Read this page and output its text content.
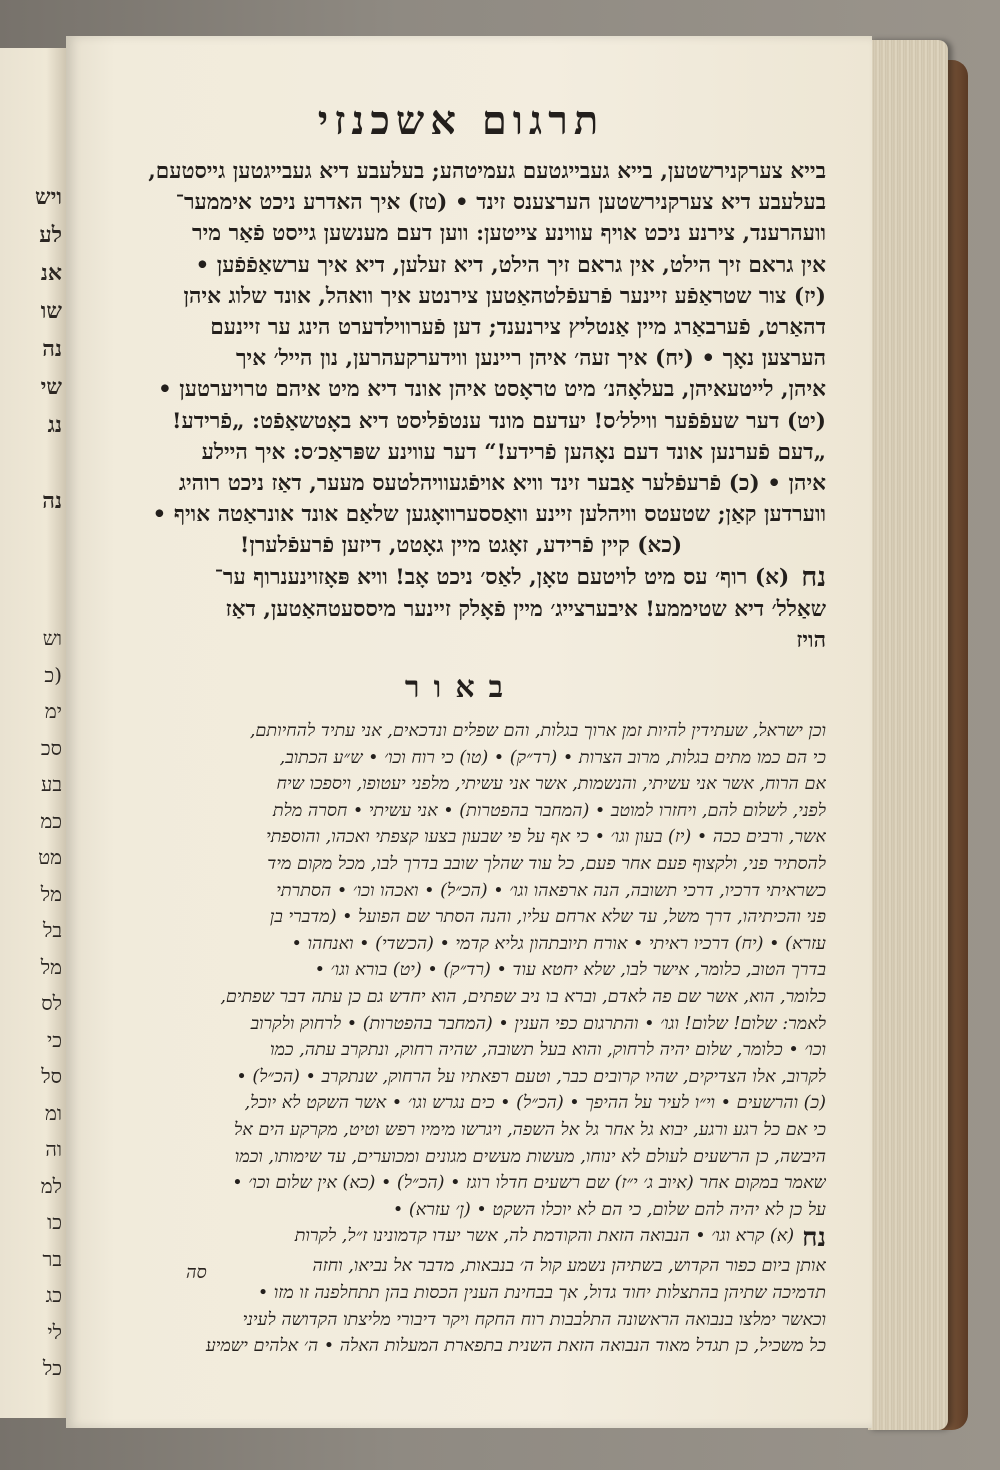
ויש
לע
אנ
שו
נה
שי
נג

נה
וש
(כ
ימ
סכ
בע
כמ
מט
מל
בל
מל
לס
כי
סל
ומ
וה
למ
כו
בר
כג
לי
כל
תרגום אשכנזי
בייא צערקנירשטען, בייא געבייגטעם געמיטהע; בעלעבע דיא געבייגטען גייסטעם,
בעלעבע דיא צערקנירשטען הערצענס זינד • (טז) איך האדרע ניכט איממער־
וועהרענד, צירנע ניכט אויף עווינע צייטען: ווען דעם מענשען גייסט פֿאַר מיר
אין גראם זיך הילט, אין גראם זיך הילט, דיא זעלען, דיא איך ערשאַפֿפֿען •
(יז) צור שטראַפֿע זיינער פֿרעפֿלטהאַטען צירנטע איך וואהל, אונד שלוג איהן
דהאַרט, פֿערבאַרג מיין אַנטליץ צירנענד; דען פֿערווילדערט הינג ער זיינעם
הערצען נאָך • (יח) איך זעה׳ איהן ריינען ווידערקעהרען, נון הייל׳ איך
איהן, לייטעאיהן, בעלאָהנ׳ מיט טראָסט איהן אונד דיא מיט איהם טרויערטען •
(יט) דער שעפֿפֿער ווילל׳ס! יעדעם מונד ענטפֿליסט דיא באָטשאַפֿט: „פֿרידע!
„דעם פֿערנען אונד דעם נאָהען פֿרידע!“ דער עווינע שפּראַכ׳ס: איך היילע
איהן • (כ) פֿרעפֿלער אַבער זינד וויא אויפֿגעוויהלטעס מעער, דאַז ניכט רוהיג
ווערדען קאַן; שטעטס וויהלען זיינע וואַססערוואָגען שלאַם אונד אונראַטה אויף •
(כא) קיין פֿרידע, זאָגט מיין גאָטט, דיזען פֿרעפֿלערן!
נח
(א) רוף׳ עס מיט לויטעם טאָן, לאַס׳ ניכט אָב! וויא פּאָזוינענרוף ער־
שאַלל׳ דיא שטיממע! איבערצייג׳ מיין פֿאָלק זיינער מיססעטהאַטען, דאַז
הויז
באור
וכן ישראל, שעתידין להיות זמן ארוך בגלות, והם שפלים ונדכאים, אני עתיד להחיותם,
כי הם כמו מתים בגלות, מרוב הצרות • (רד״ק) • (טו) כי רוח וכו׳ • ש״ע הכתוב,
אם הרוח, אשר אני עשיתי, והנשמות, אשר אני עשיתי, מלפני יעטופו, ויספכו שיח
לפני, לשלום להם, ויחזרו למוטב • (המחבר בהפטרות) • אני עשיתי • חסרה מלת
אשר, ורבים ככה • (יז) בעון וגו׳ • כי אף על פי שבעון בצעו קצפתי ואכהו, והוספתי
להסתיר פני, ולקצוף פעם אחר פעם, כל עוד שהלך שובב בדרך לבו, מכל מקום מיד
כשראיתי דרכיו, דרכי תשובה, הנה ארפאהו וגו׳ • (הכ״ל) • ואכהו וכו׳ • הסתרתי
פני והכיתיהו, דרך משל, עד שלא ארחם עליו, והנה הסתר שם הפועל • (מדברי בן
עזרא) • (יח) דרכיו ראיתי • אורח תיובתהון גליא קדמי • (הכשדי) • ואנחהו •
בדרך הטוב, כלומר, אישר לבו, שלא יחטא עוד • (רד״ק) • (יט) בורא וגו׳ •
כלומר, הוא, אשר שם פה לאדם, וברא בו ניב שפתים, הוא יחדש גם כן עתה דבר שפתים,
לאמר: שלום! שלום! וגו׳ • והתרגום כפי הענין • (המחבר בהפטרות) • לרחוק ולקרוב
וכו׳ • כלומר, שלום יהיה לרחוק, והוא בעל תשובה, שהיה רחוק, ונתקרב עתה, כמו
לקרוב, אלו הצדיקים, שהיו קרובים כבר, וטעם רפאתיו על הרחוק, שנתקרב • (הכ״ל) •
(כ) והרשעים • וי״ו לעיר על ההיפך • (הכ״ל) • כים נגרש וגו׳ • אשר השקט לא יוכל,
כי אם כל רגע ורגע, יבוא גל אחר גל אל השפה, ויגרשו מימיו רפש וטיט, מקרקע הים אל
היבשה, כן הרשעים לעולם לא ינוחו, מעשות מעשים מגונים ומכוערים, עד שימותו, וכמו
שאמר במקום אחר (איוב ג׳ י״ז) שם רשעים חדלו רוגז • (הכ״ל) • (כא) אין שלום וכו׳ •
על כן לא יהיה להם שלום, כי הם לא יוכלו השקט • (ן׳ עזרא) •
נח
(א) קרא וגו׳ • הנבואה הזאת והקודמת לה, אשר יעדו קדמונינו ז״ל, לקרות
אותן ביום כפור הקדוש, בשתיהן נשמע קול ה׳ בנבאות, מדבר אל נביאו, וחזה
תדמיכה שתיהן בהתצלות יחוד גדול, אך בבחינת הענין הכסות בהן תתחלפנה זו מזו •
וכאשר ימלצו בנבואה הראשונה התלבבות רוח החקח ויקר דיבורי מליצתו הקדושה לעיני
כל משכיל, כן תגדל מאוד הנבואה הזאת השנית בתפארת המעלות האלה • ה׳ אלהים ישמיע
סה
